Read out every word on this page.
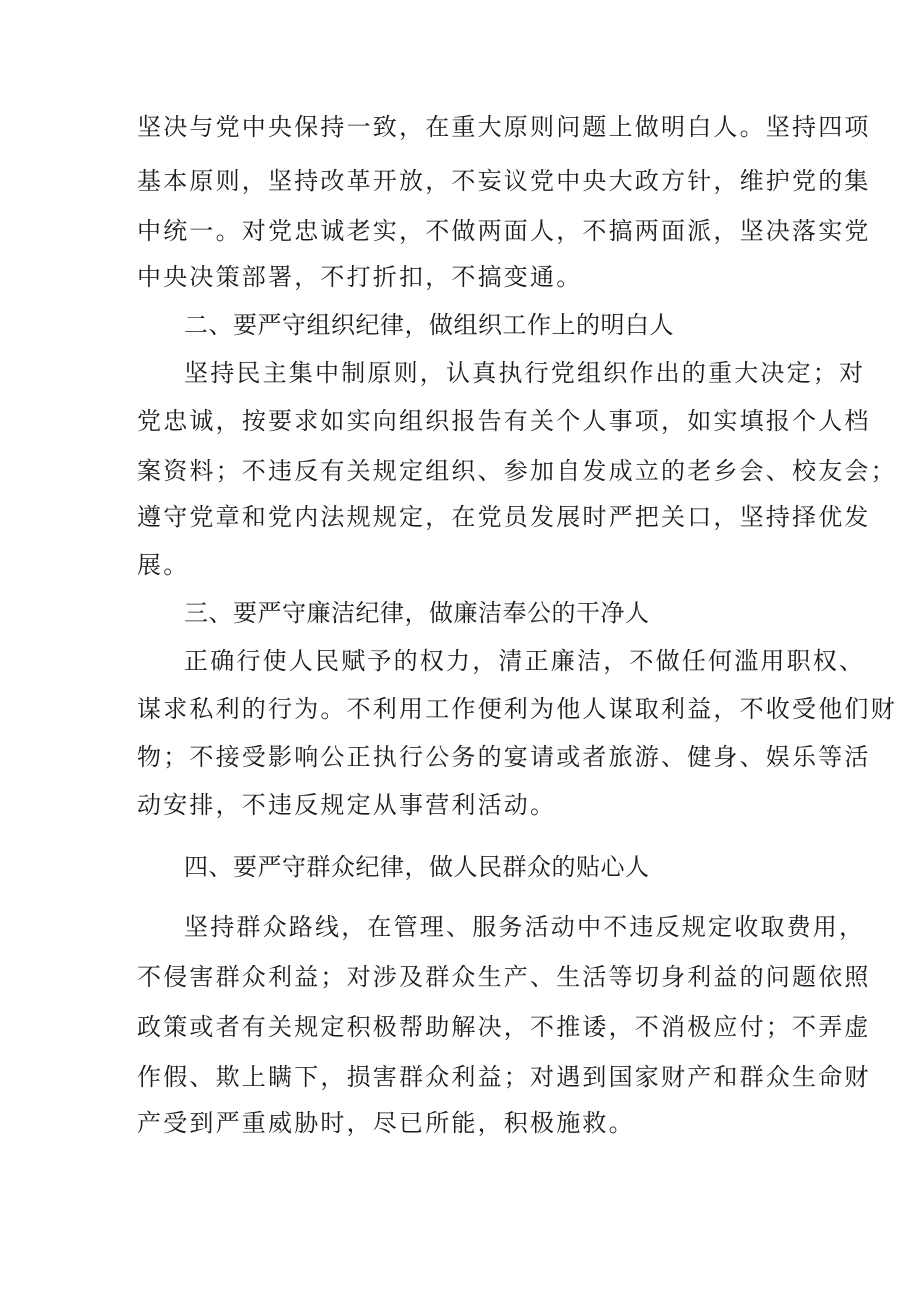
坚决与党中央保持一致，在重大原则问题上做明白人。坚持四项
基本原则，坚持改革开放，不妄议党中央大政方针，维护党的集
中统一。对党忠诚老实，不做两面人，不搞两面派，坚决落实党
中央决策部署，不打折扣，不搞变通。
二、要严守组织纪律，做组织工作上的明白人
坚持民主集中制原则，认真执行党组织作出的重大决定；对
党忠诚，按要求如实向组织报告有关个人事项，如实填报个人档
案资料；不违反有关规定组织、参加自发成立的老乡会、校友会；
遵守党章和党内法规规定，在党员发展时严把关口，坚持择优发
展。
三、要严守廉洁纪律，做廉洁奉公的干净人
正确行使人民赋予的权力，清正廉洁，不做任何滥用职权、
谋求私利的行为。不利用工作便利为他人谋取利益，不收受他们财
物；不接受影响公正执行公务的宴请或者旅游、健身、娱乐等活
动安排，不违反规定从事营利活动。
四、要严守群众纪律，做人民群众的贴心人
坚持群众路线，在管理、服务活动中不违反规定收取费用，
不侵害群众利益；对涉及群众生产、生活等切身利益的问题依照
政策或者有关规定积极帮助解决，不推诿，不消极应付；不弄虚
作假、欺上瞒下，损害群众利益；对遇到国家财产和群众生命财
产受到严重威胁时，尽已所能，积极施救。
